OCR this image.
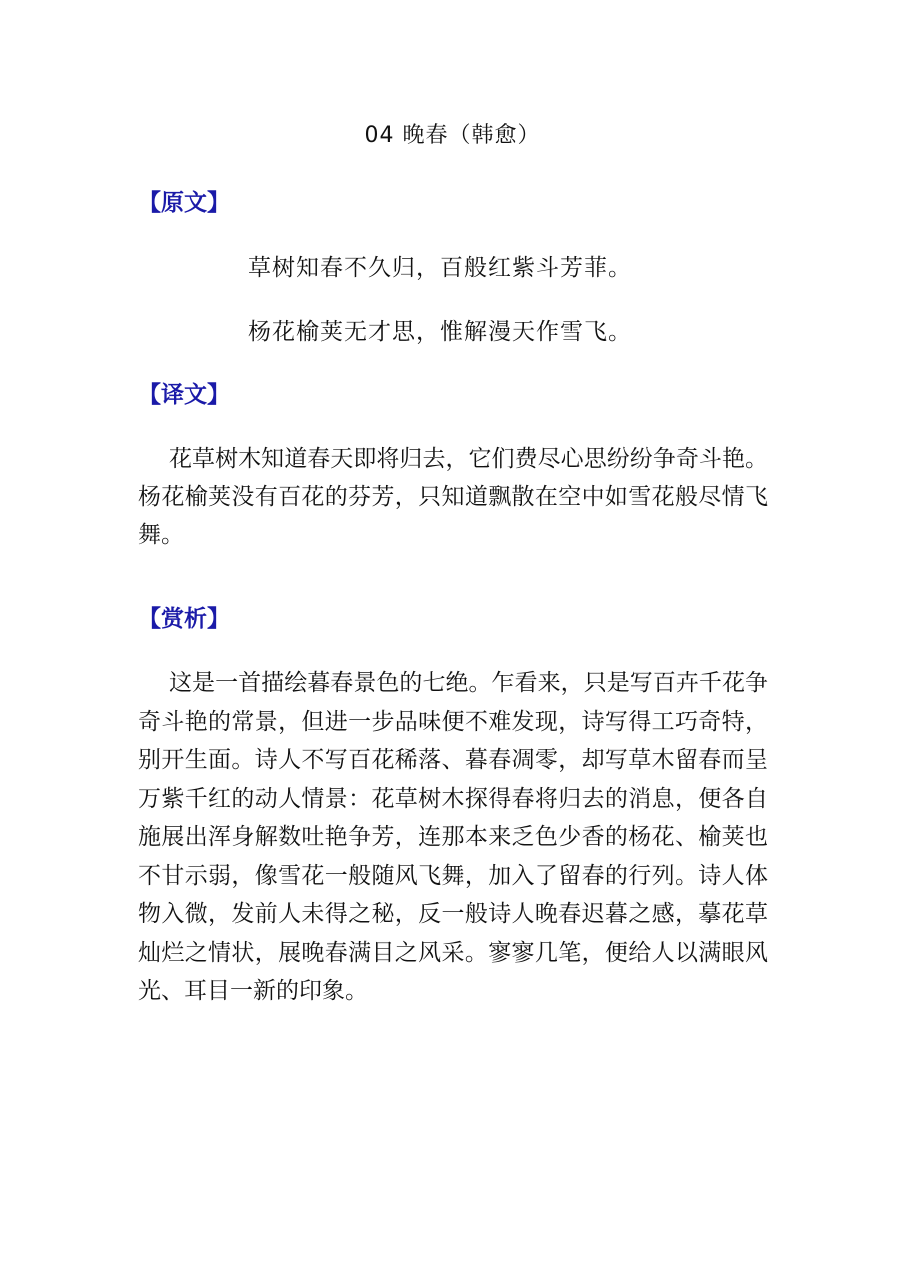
04 晚春（韩愈）
【原文】
草树知春不久归，百般红紫斗芳菲。
杨花榆荚无才思，惟解漫天作雪飞。
【译文】

花草树木知道春天即将归去，它们费尽心思纷纷争奇斗艳。杨花榆荚没有百花的芬芳，只知道飘散在空中如雪花般尽情飞舞。

【赏析】

这是一首描绘暮春景色的七绝。乍看来，只是写百卉千花争奇斗艳的常景，但进一步品味便不难发现，诗写得工巧奇特，别开生面。诗人不写百花稀落、暮春凋零，却写草木留春而呈万紫千红的动人情景：花草树木探得春将归去的消息，便各自施展出浑身解数吐艳争芳，连那本来乏色少香的杨花、榆荚也不甘示弱，像雪花一般随风飞舞，加入了留春的行列。诗人体物入微，发前人未得之秘，反一般诗人晚春迟暮之感，摹花草灿烂之情状，展晚春满目之风采。寥寥几笔，便给人以满眼风光、耳目一新的印象。
